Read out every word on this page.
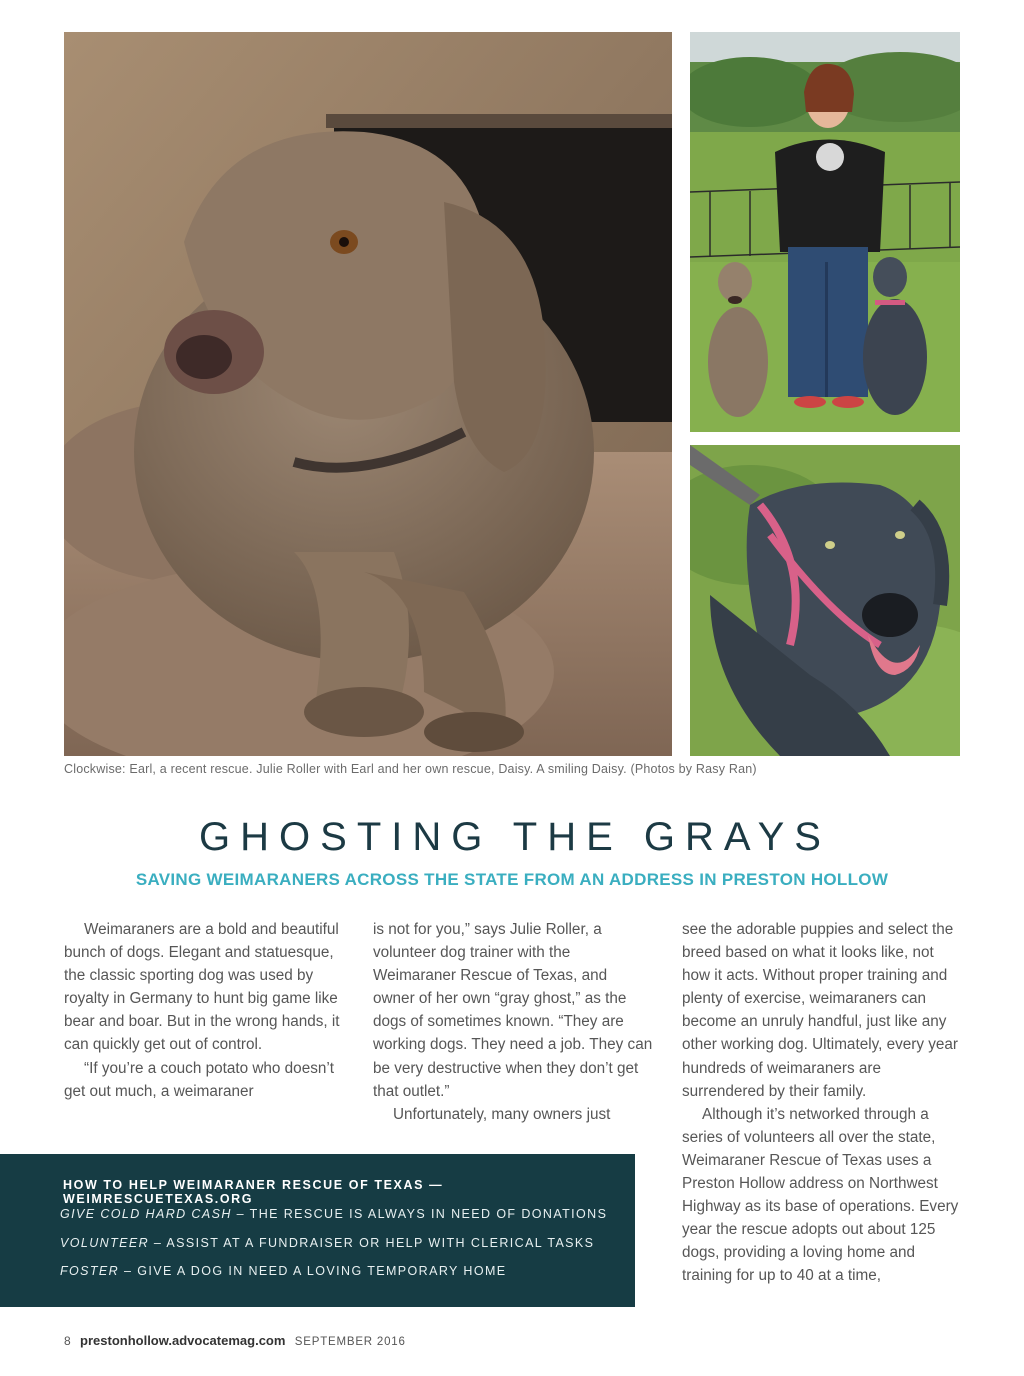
Clockwise: Earl, a recent rescue. Julie Roller with Earl and her own rescue, Daisy. A smiling Daisy. (Photos by Rasy Ran)
GHOSTING THE GRAYS
SAVING WEIMARANERS ACROSS THE STATE FROM AN ADDRESS IN PRESTON HOLLOW

Weimaraners are a bold and beautiful bunch of dogs. Elegant and statuesque, the classic sporting dog was used by royalty in Germany to hunt big game like bear and boar. But in the wrong hands, it can quickly get out of control.

“If you’re a couch potato who doesn’t get out much, a weimaraner

is not for you,” says Julie Roller, a volunteer dog trainer with the Weimaraner Rescue of Texas, and owner of her own “gray ghost,” as the dogs of sometimes known. “They are working dogs. They need a job. They can be very destructive when they don’t get that outlet.”

Unfortunately, many owners just

see the adorable puppies and select the breed based on what it looks like, not how it acts. Without proper training and plenty of exercise, weimaraners can become an unruly handful, just like any other working dog. Ultimately, every year hundreds of weimaraners are surrendered by their family.

Although it’s networked through a series of volunteers all over the state, Weimaraner Rescue of Texas uses a Preston Hollow address on Northwest Highway as its base of operations. Every year the rescue adopts out about 125 dogs, providing a loving home and training for up to 40 at a time,

HOW TO HELP WEIMARANER RESCUE OF TEXAS — WEIMRESCUETEXAS.ORG
GIVE COLD HARD CASH – THE RESCUE IS ALWAYS IN NEED OF DONATIONS
VOLUNTEER – ASSIST AT A FUNDRAISER OR HELP WITH CLERICAL TASKS
FOSTER – GIVE A DOG IN NEED A LOVING TEMPORARY HOME
8 prestonhollow.advocatemag.com SEPTEMBER 2016
